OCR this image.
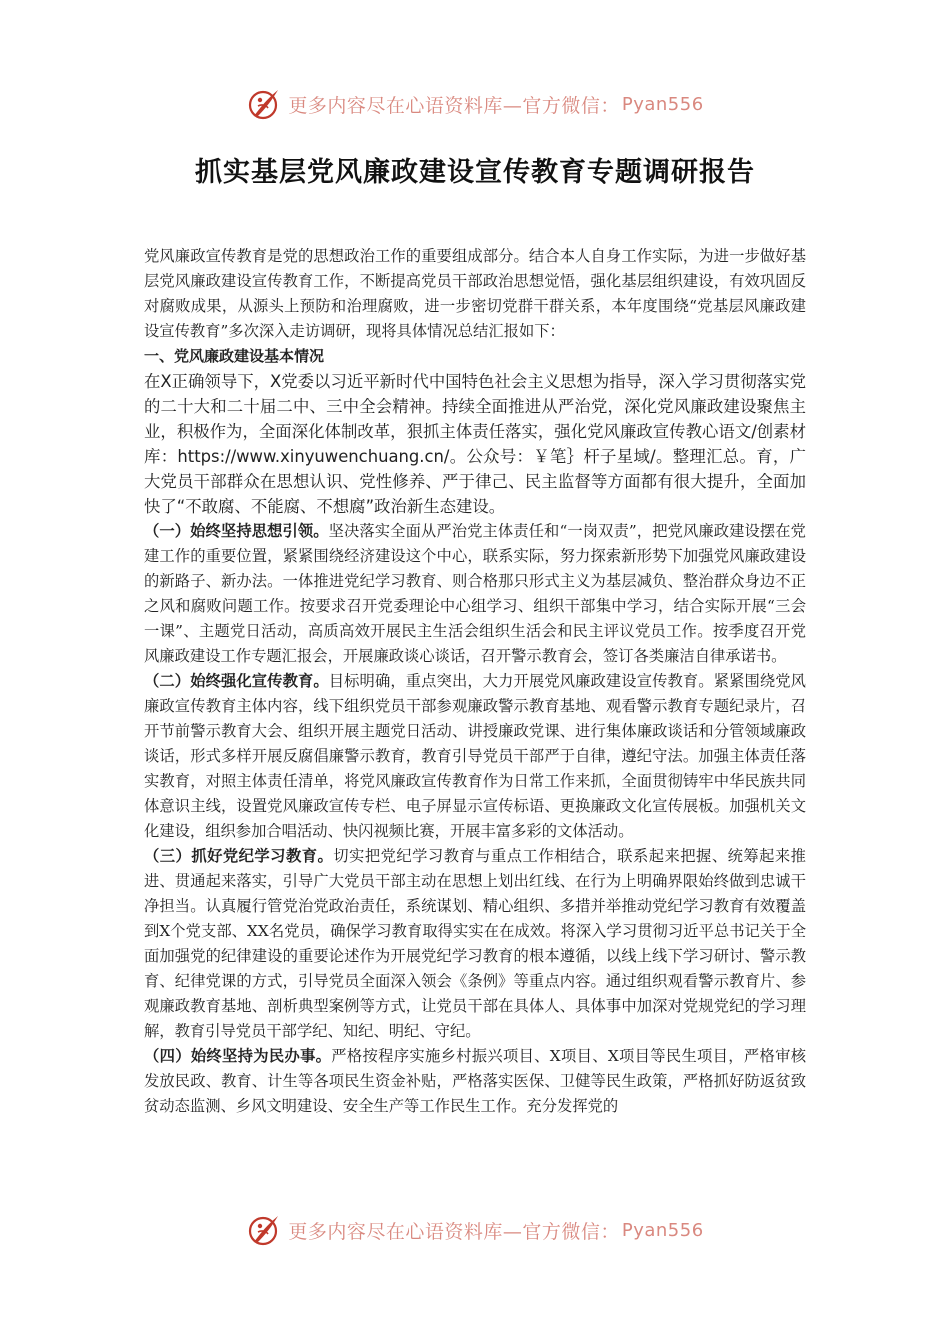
更多内容尽在心语资料库—官方微信： Pyan556
抓实基层党风廉政建设宣传教育专题调研报告

党风廉政宣传教育是党的思想政治工作的重要组成部分。结合本人自身工作实际，为进一步做好基层党风廉政建设宣传教育工作，不断提高党员干部政治思想觉悟，强化基层组织建设，有效巩固反对腐败成果，从源头上预防和治理腐败，进一步密切党群干群关系，本年度围绕“党基层风廉政建设宣传教育”多次深入走访调研，现将具体情况总结汇报如下：

一、党风廉政建设基本情况

在X正确领导下，X党委以习近平新时代中国特色社会主义思想为指导，深入学习贯彻落实党的二十大和二十届二中、三中全会精神。持续全面推进从严治党，深化党风廉政建设聚焦主业，积极作为，全面深化体制改革，狠抓主体责任落实，强化党风廉政宣传教心语文/创素材库：https://www.xinyuwenchuang.cn/。公众号：￥笔｝杆子星域/。整理汇总。育，广大党员干部群众在思想认识、党性修养、严于律己、民主监督等方面都有很大提升，全面加快了“不敢腐、不能腐、不想腐”政治新生态建设。

（一）始终坚持思想引领。坚决落实全面从严治党主体责任和“一岗双责”，把党风廉政建设摆在党建工作的重要位置，紧紧围绕经济建设这个中心，联系实际，努力探索新形势下加强党风廉政建设的新路子、新办法。一体推进党纪学习教育、则合格那只形式主义为基层减负、整治群众身边不正之风和腐败问题工作。按要求召开党委理论中心组学习、组织干部集中学习，结合实际开展“三会一课”、主题党日活动，高质高效开展民主生活会组织生活会和民主评议党员工作。按季度召开党风廉政建设工作专题汇报会，开展廉政谈心谈话，召开警示教育会，签订各类廉洁自律承诺书。

（二）始终强化宣传教育。目标明确，重点突出，大力开展党风廉政建设宣传教育。紧紧围绕党风廉政宣传教育主体内容，线下组织党员干部参观廉政警示教育基地、观看警示教育专题纪录片，召开节前警示教育大会、组织开展主题党日活动、讲授廉政党课、进行集体廉政谈话和分管领域廉政谈话，形式多样开展反腐倡廉警示教育，教育引导党员干部严于自律，遵纪守法。加强主体责任落实教育，对照主体责任清单，将党风廉政宣传教育作为日常工作来抓，全面贯彻铸牢中华民族共同体意识主线，设置党风廉政宣传专栏、电子屏显示宣传标语、更换廉政文化宣传展板。加强机关文化建设，组织参加合唱活动、快闪视频比赛，开展丰富多彩的文体活动。

（三）抓好党纪学习教育。切实把党纪学习教育与重点工作相结合，联系起来把握、统筹起来推进、贯通起来落实，引导广大党员干部主动在思想上划出红线、在行为上明确界限始终做到忠诚干净担当。认真履行管党治党政治责任，系统谋划、精心组织、多措并举推动党纪学习教育有效覆盖到X个党支部、XX名党员，确保学习教育取得实实在在成效。将深入学习贯彻习近平总书记关于全面加强党的纪律建设的重要论述作为开展党纪学习教育的根本遵循，以线上线下学习研讨、警示教育、纪律党课的方式，引导党员全面深入领会《条例》等重点内容。通过组织观看警示教育片、参观廉政教育基地、剖析典型案例等方式，让党员干部在具体人、具体事中加深对党规党纪的学习理解，教育引导党员干部学纪、知纪、明纪、守纪。

（四）始终坚持为民办事。严格按程序实施乡村振兴项目、X项目、X项目等民生项目，严格审核发放民政、教育、计生等各项民生资金补贴，严格落实医保、卫健等民生政策，严格抓好防返贫致贫动态监测、乡风文明建设、安全生产等工作民生工作。充分发挥党的

更多内容尽在心语资料库—官方微信： Pyan556
